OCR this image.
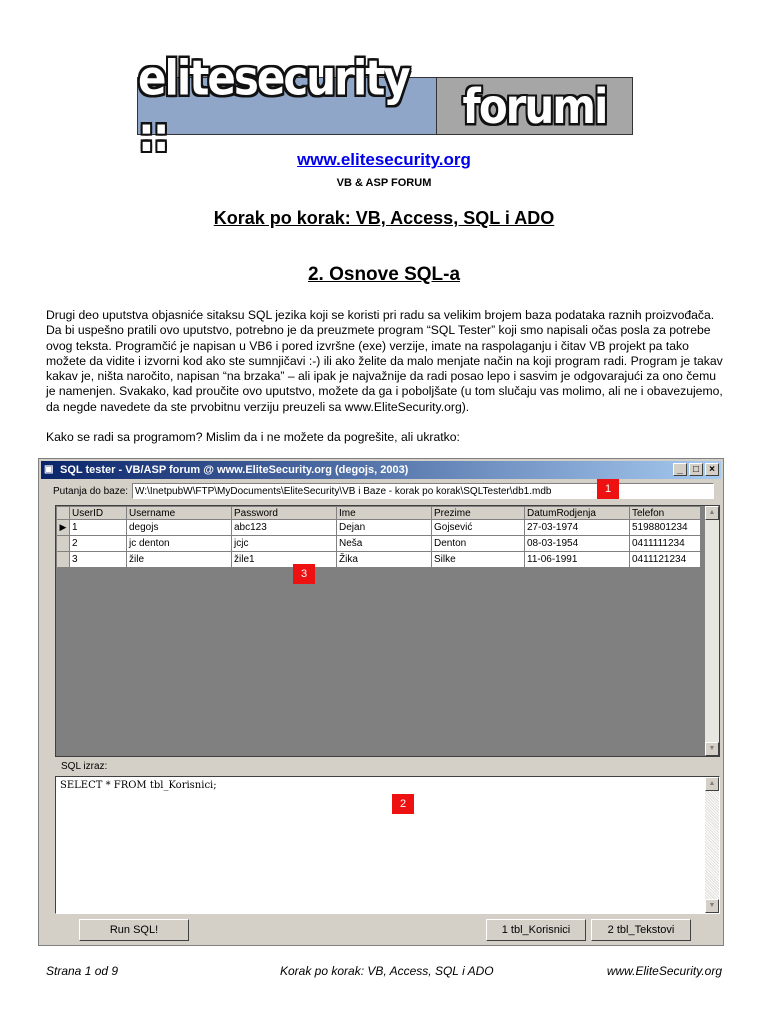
elitesecurity ::	forumi
www.elitesecurity.org
VB & ASP FORUM
Korak po korak: VB, Access, SQL i ADO
2. Osnove SQL-a
Drugi deo uputstva objasniće sitaksu SQL jezika koji se koristi pri radu sa velikim brojem baza podataka raznih proizvođača. Da bi uspešno pratili ovo uputstvo, potrebno je da preuzmete program “SQL Tester” koji smo napisali očas posla za potrebe ovog teksta. Programčić je napisan u VB6 i pored izvršne (exe) verzije, imate na raspolaganju i čitav VB projekt pa tako možete da vidite i izvorni kod ako ste sumnjičavi :-) ili ako želite da malo menjate način na koji program radi. Program je takav kakav je, ništa naročito, napisan “na brzaka” – ali ipak je najvažnije da radi posao lepo i sasvim je odgovarajući za ono čemu je namenjen. Svakako, kad proučite ovo uputstvo, možete da ga i poboljšate (u tom slučaju vas molimo, ali ne i obavezujemo, da negde navedete da ste prvobitnu verziju preuzeli sa www.EliteSecurity.org).
Kako se radi sa programom? Mislim da i ne možete da pogrešite, ali ukratko:
▣ SQL tester - VB/ASP forum @ www.EliteSecurity.org (degojs, 2003)	_	□	×
Putanja do baze: W:\InetpubW\FTP\MyDocuments\EliteSecurity\VB i Baze - korak po korak\SQLTester\db1.mdb
	UserID	Username	Password	Ime	Prezime	DatumRodjenja	Telefon
▶	1	degojs	abc123	Dejan	Gojsević	27-03-1974	5198801234
	2	jc denton	jcjc	Neša	Denton	08-03-1954	0411111234
	3	žile	žile1	Žika	Silke	11-06-1991	0411121234
▲
▼
SQL izraz:
SELECT * FROM tbl_Korisnici;	▲
▼
Run SQL!	1 tbl_Korisnici	2 tbl_Tekstovi
1
2
3
Strana 1 od 9	Korak po korak: VB, Access, SQL i ADO	www.EliteSecurity.org
